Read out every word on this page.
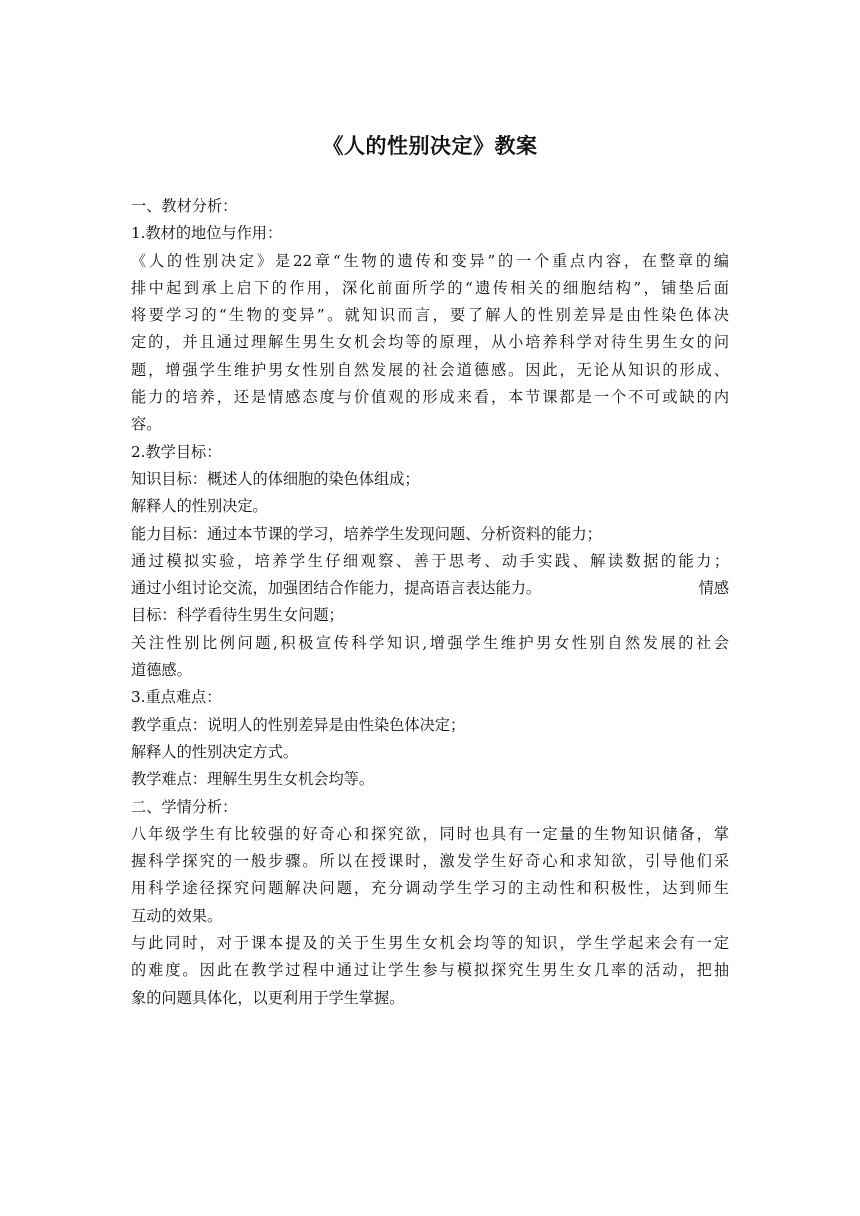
《人的性别决定》教案
一、教材分析：
1.教材的地位与作用：
《人的性别决定》是22章“生物的遗传和变异”的一个重点内容，在整章的编
排中起到承上启下的作用，深化前面所学的“遗传相关的细胞结构”，铺垫后面
将要学习的“生物的变异”。就知识而言，要了解人的性别差异是由性染色体决
定的，并且通过理解生男生女机会均等的原理，从小培养科学对待生男生女的问
题，增强学生维护男女性别自然发展的社会道德感。因此，无论从知识的形成、
能力的培养，还是情感态度与价值观的形成来看，本节课都是一个不可或缺的内
容。
2.教学目标：
知识目标：概述人的体细胞的染色体组成；
解释人的性别决定。
能力目标：通过本节课的学习，培养学生发现问题、分析资料的能力；
通过模拟实验，培养学生仔细观察、善于思考、动手实践、解读数据的能力；
通过小组讨论交流，加强团结合作能力，提高语言表达能力。	情感
目标：科学看待生男生女问题；
关注性别比例问题,积极宣传科学知识,增强学生维护男女性别自然发展的社会
道德感。
3.重点难点：
教学重点：说明人的性别差异是由性染色体决定；
解释人的性别决定方式。
教学难点：理解生男生女机会均等。
二、学情分析：
八年级学生有比较强的好奇心和探究欲，同时也具有一定量的生物知识储备，掌
握科学探究的一般步骤。所以在授课时，激发学生好奇心和求知欲，引导他们采
用科学途径探究问题解决问题，充分调动学生学习的主动性和积极性，达到师生
互动的效果。
与此同时，对于课本提及的关于生男生女机会均等的知识，学生学起来会有一定
的难度。因此在教学过程中通过让学生参与模拟探究生男生女几率的活动，把抽
象的问题具体化，以更利用于学生掌握。
